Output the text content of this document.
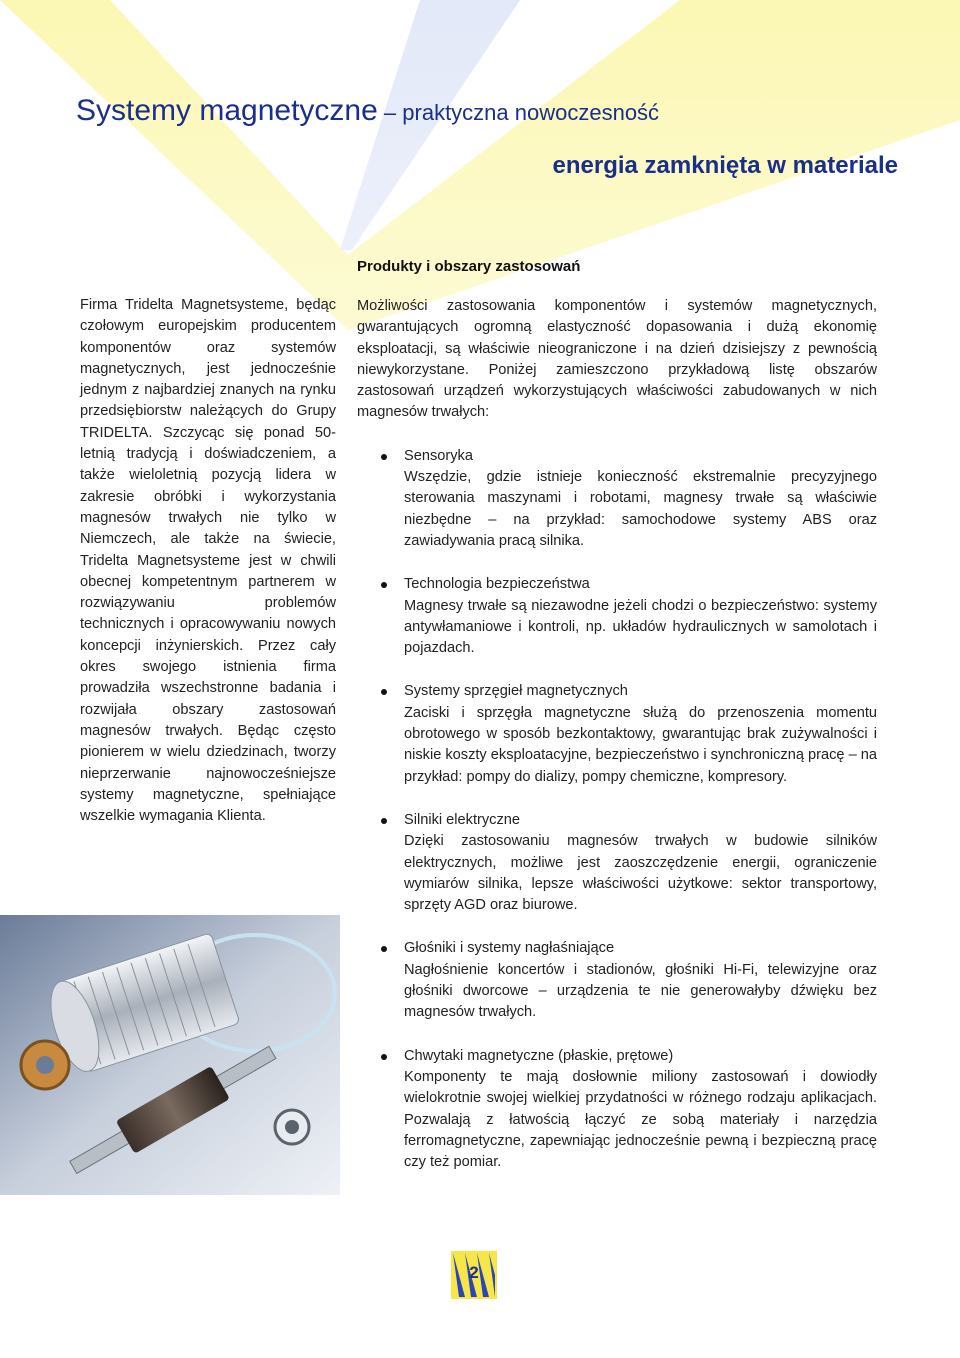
Systemy magnetyczne – praktyczna nowoczesność
energia zamknięta w materiale
Produkty i obszary zastosowań
Firma Tridelta Magnetsysteme, będąc czołowym europejskim producentem komponentów oraz systemów magnetycznych, jest jednocześnie jednym z najbardziej znanych na rynku przedsiębiorstw należących do Grupy TRIDELTA. Szczycąc się ponad 50-letnią tradycją i doświadczeniem, a także wieloletnią pozycją lidera w zakresie obróbki i wykorzystania magnesów trwałych nie tylko w Niemczech, ale także na świecie, Tridelta Magnetsysteme jest w chwili obecnej kompetentnym partnerem w rozwiązywaniu problemów technicznych i opracowywaniu nowych koncepcji inżynierskich. Przez cały okres swojego istnienia firma prowadziła wszechstronne badania i rozwijała obszary zastosowań magnesów trwałych. Będąc często pionierem w wielu dziedzinach, tworzy nieprzerwanie najnowocześniejsze systemy magnetyczne, spełniające wszelkie wymagania Klienta.

Możliwości zastosowania komponentów i systemów magnetycznych, gwarantujących ogromną elastyczność dopasowania i dużą ekonomię eksploatacji, są właściwie nieograniczone i na dzień dzisiejszy z pewnością niewykorzystane. Poniżej zamieszczono przykładową listę obszarów zastosowań urządzeń wykorzystujących właściwości zabudowanych w nich magnesów trwałych:

Sensoryka
Wszędzie, gdzie istnieje konieczność ekstremalnie precyzyjnego sterowania maszynami i robotami, magnesy trwałe są właściwie niezbędne – na przykład: samochodowe systemy ABS oraz zawiadywania pracą silnika.
Technologia bezpieczeństwa
Magnesy trwałe są niezawodne jeżeli chodzi o bezpieczeństwo: systemy antywłamaniowe i kontroli, np. układów hydraulicznych w samolotach i pojazdach.
Systemy sprzęgieł magnetycznych
Zaciski i sprzęgła magnetyczne służą do przenoszenia momentu obrotowego w sposób bezkontaktowy, gwarantując brak zużywalności i niskie koszty eksploatacyjne, bezpieczeństwo i synchroniczną pracę – na przykład: pompy do dializy, pompy chemiczne, kompresory.
Silniki elektryczne
Dzięki zastosowaniu magnesów trwałych w budowie silników elektrycznych, możliwe jest zaoszczędzenie energii, ograniczenie wymiarów silnika, lepsze właściwości użytkowe: sektor transportowy, sprzęty AGD oraz biurowe.
Głośniki i systemy nagłaśniające
Nagłośnienie koncertów i stadionów, głośniki Hi-Fi, telewizyjne oraz głośniki dworcowe – urządzenia te nie generowałyby dźwięku bez magnesów trwałych.
Chwytaki magnetyczne (płaskie, prętowe)
Komponenty te mają dosłownie miliony zastosowań i dowiodły wielokrotnie swojej wielkiej przydatności w różnego rodzaju aplikacjach. Pozwalają z łatwością łączyć ze sobą materiały i narzędzia ferromagnetyczne, zapewniając jednocześnie pewną i bezpieczną pracę czy też pomiar.
2
